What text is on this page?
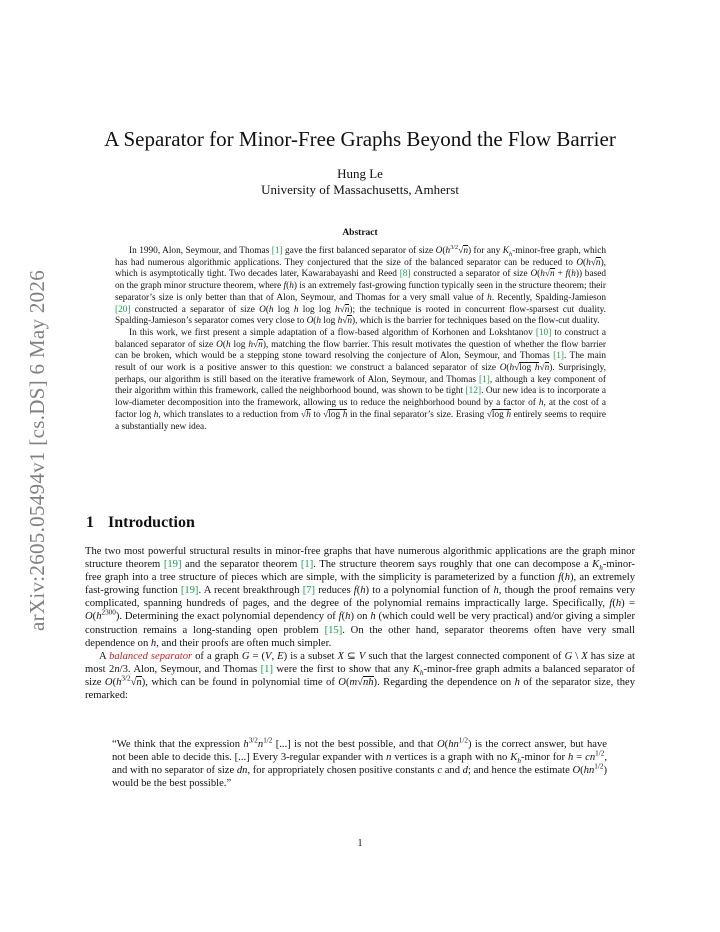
arXiv:2605.05494v1 [cs.DS] 6 May 2026
A Separator for Minor-Free Graphs Beyond the Flow Barrier
Hung Le
University of Massachusetts, Amherst
Abstract

In 1990, Alon, Seymour, and Thomas [1] gave the first balanced separator of size $O(h^{3/2}√n)$ for any $K_h-minor$-free graph, which has had numerous algorithmic applications. They conjectured that the size of the balanced separator can be reduced to O(h√n), which is asymptotically tight. Two decades later, Kawarabayashi and Reed [8] constructed a separator of size O(h√n + f(h)) based on the graph minor structure theorem, where f(h) is an extremely fast-growing function typically seen in the structure theorem; their separator’s size is only better than that of Alon, Seymour, and Thomas for a very small value of h. Recently, Spalding-Jamieson [20] constructed a separator of size O(h log h log log h√n); the technique is rooted in concurrent flow-sparsest cut duality. Spalding-Jamieson’s separator comes very close to O(h log h√n), which is the barrier for techniques based on the flow-cut duality.

In this work, we first present a simple adaptation of a flow-based algorithm of Korhonen and Lokshtanov [10] to construct a balanced separator of size O(h log h√n), matching the flow barrier. This result motivates the question of whether the flow barrier can be broken, which would be a stepping stone toward resolving the conjecture of Alon, Seymour, and Thomas [1]. The main result of our work is a positive answer to this question: we construct a balanced separator of size O(h√log h√n). Surprisingly, perhaps, our algorithm is still based on the iterative framework of Alon, Seymour, and Thomas [1], although a key component of their algorithm within this framework, called the neighborhood bound, was shown to be tight [12]. Our new idea is to incorporate a low-diameter decomposition into the framework, allowing us to reduce the neighborhood bound by a factor of h, at the cost of a factor log h, which translates to a reduction from √h to √log h in the final separator’s size. Erasing √log h entirely seems to require a substantially new idea.

1 Introduction

The two most powerful structural results in minor-free graphs that have numerous algorithmic applications are the graph minor structure theorem [19] and the separator theorem [1]. The structure theorem says roughly that one can decompose a $K_h-minor$-free graph into a tree structure of pieces which are simple, with the simplicity is parameterized by a function f(h), an extremely fast-growing function [19]. A recent breakthrough [7] reduces f(h) to a polynomial function of h, though the proof remains very complicated, spanning hundreds of pages, and the degree of the polynomial remains impractically large. Specifically, $f(h) = O(h^{2300})$. Determining the exact polynomial dependency of f(h) on h (which could well be very practical) and/or giving a simpler construction remains a long-standing open problem [15]. On the other hand, separator theorems often have very small dependence on h, and their proofs are often much simpler.

A balanced separator of a graph G = (V, E) is a subset X ⊆ V such that the largest connected component of G \ X has size at most 2n/3. Alon, Seymour, and Thomas [1] were the first to show that any $K_h-minor$-free graph admits a balanced separator of size $O(h^{3/2}√n)$, which can be found in polynomial time of O(m√nh). Regarding the dependence on h of the separator size, they remarked:

“We think that the expression $h^{3/2}n^{1/2}$ [...] is not the best possible, and that $O(hn^{1/2})$ is the correct answer, but have not been able to decide this. [...] Every 3-regular expander with n vertices is a graph with no $K_h$-minor for $h = cn^{1/2}$, and with no separator of size dn, for appropriately chosen positive constants c and d; and hence the estimate $O(hn^{1/2})$ would be the best possible.”
1
